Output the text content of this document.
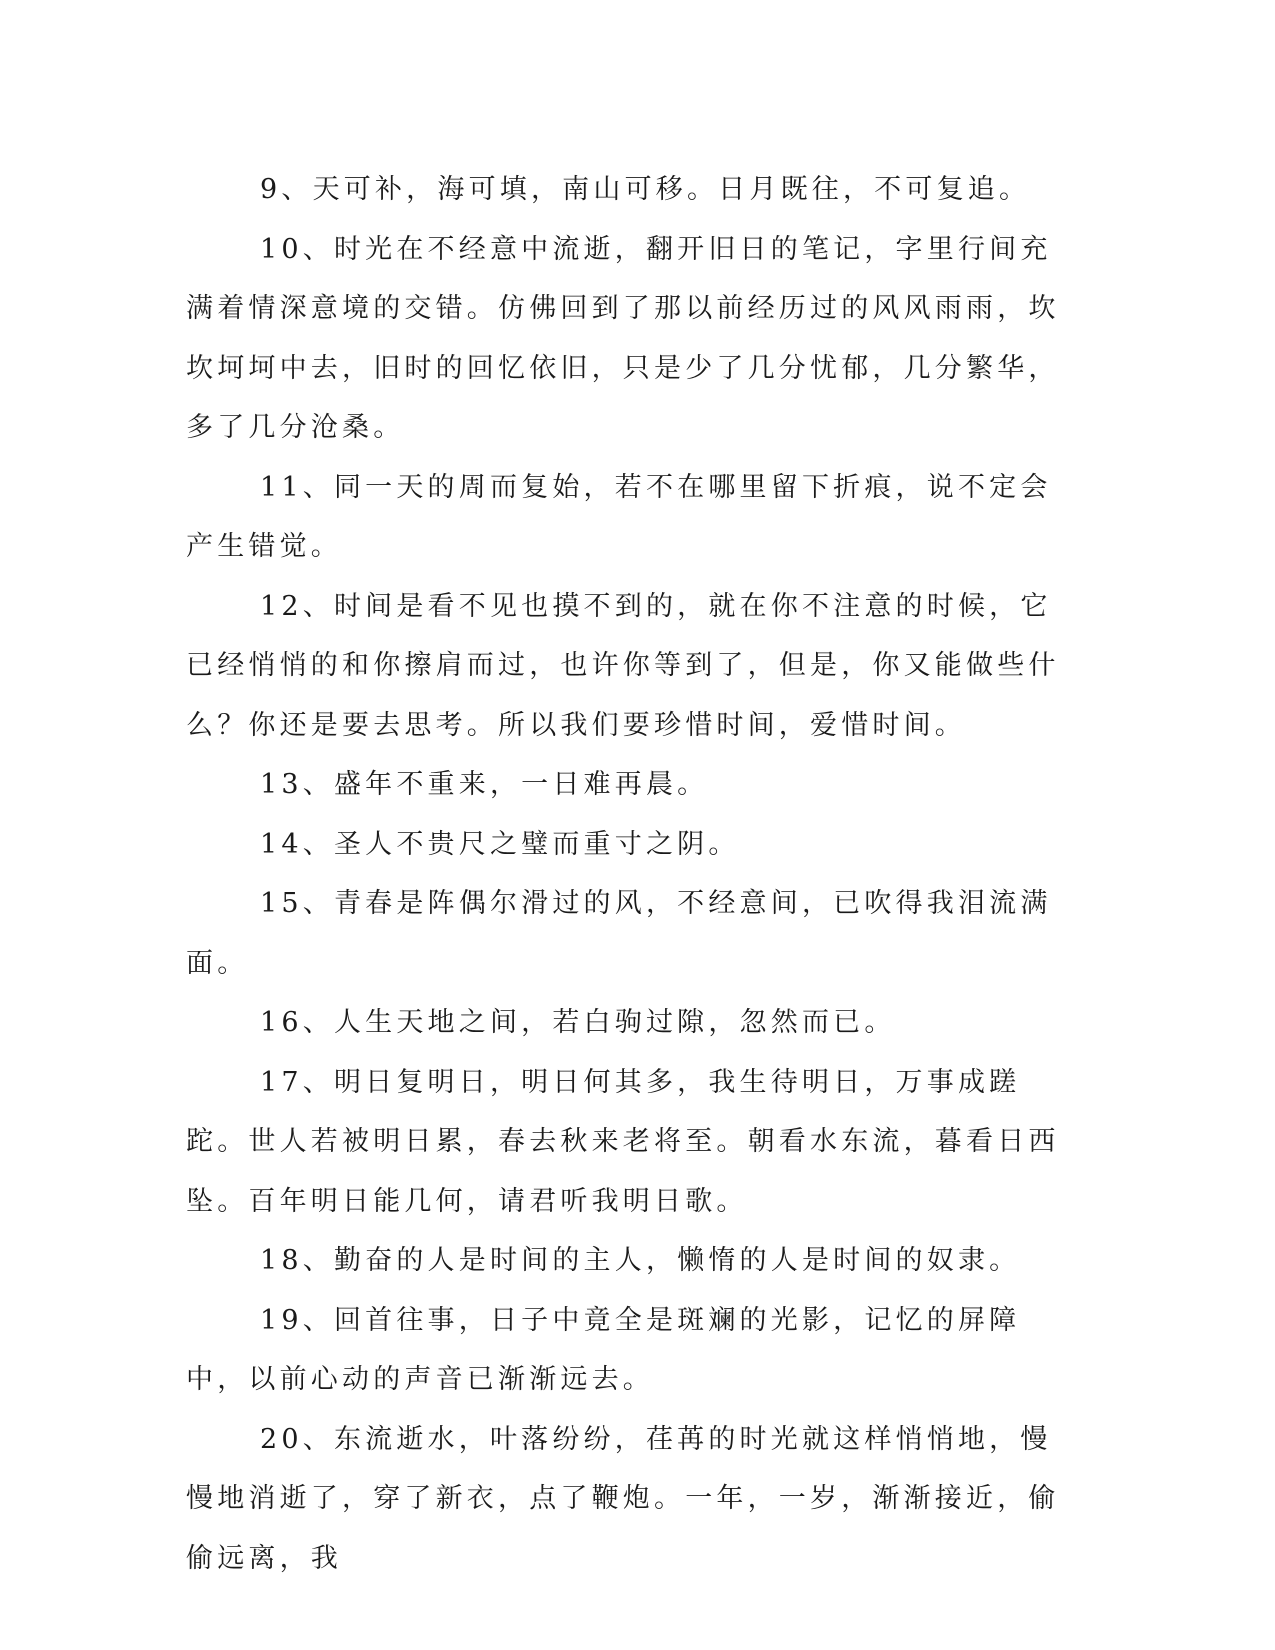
9、天可补，海可填，南山可移。日月既往，不可复追。

10、时光在不经意中流逝，翻开旧日的笔记，字里行间充满着情深意境的交错。仿佛回到了那以前经历过的风风雨雨，坎坎坷坷中去，旧时的回忆依旧，只是少了几分忧郁，几分繁华，多了几分沧桑。

11、同一天的周而复始，若不在哪里留下折痕，说不定会产生错觉。

12、时间是看不见也摸不到的，就在你不注意的时候，它已经悄悄的和你擦肩而过，也许你等到了，但是，你又能做些什么？你还是要去思考。所以我们要珍惜时间，爱惜时间。

13、盛年不重来，一日难再晨。

14、圣人不贵尺之璧而重寸之阴。

15、青春是阵偶尔滑过的风，不经意间，已吹得我泪流满面。

16、人生天地之间，若白驹过隙，忽然而已。

17、明日复明日，明日何其多，我生待明日，万事成蹉跎。世人若被明日累，春去秋来老将至。朝看水东流，暮看日西坠。百年明日能几何，请君听我明日歌。

18、勤奋的人是时间的主人，懒惰的人是时间的奴隶。

19、回首往事，日子中竟全是斑斓的光影，记忆的屏障中，以前心动的声音已渐渐远去。

20、东流逝水，叶落纷纷，荏苒的时光就这样悄悄地，慢慢地消逝了，穿了新衣，点了鞭炮。一年，一岁，渐渐接近，偷偷远离，我
